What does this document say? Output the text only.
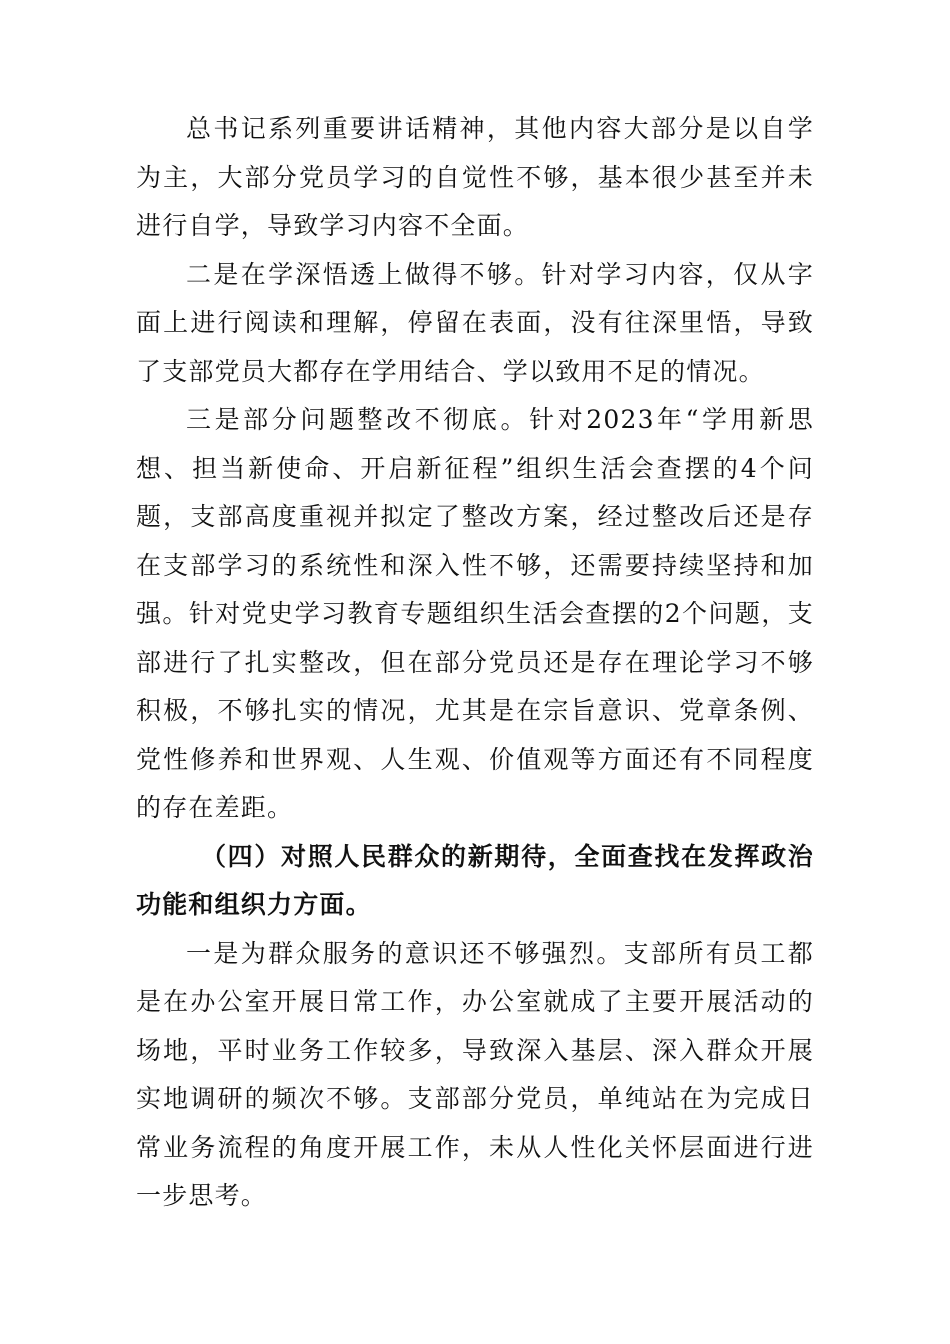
总书记系列重要讲话精神，其他内容大部分是以自学为主，大部分党员学习的自觉性不够，基本很少甚至并未进行自学，导致学习内容不全面。

二是在学深悟透上做得不够。针对学习内容，仅从字面上进行阅读和理解，停留在表面，没有往深里悟，导致了支部党员大都存在学用结合、学以致用不足的情况。

三是部分问题整改不彻底。针对2023年“学用新思想、担当新使命、开启新征程”组织生活会查摆的4个问题，支部高度重视并拟定了整改方案，经过整改后还是存在支部学习的系统性和深入性不够，还需要持续坚持和加强。针对党史学习教育专题组织生活会查摆的2个问题，支部进行了扎实整改，但在部分党员还是存在理论学习不够积极，不够扎实的情况，尤其是在宗旨意识、党章条例、党性修养和世界观、人生观、价值观等方面还有不同程度的存在差距。

（四）对照人民群众的新期待，全面查找在发挥政治功能和组织力方面。

一是为群众服务的意识还不够强烈。支部所有员工都是在办公室开展日常工作，办公室就成了主要开展活动的场地，平时业务工作较多，导致深入基层、深入群众开展实地调研的频次不够。支部部分党员，单纯站在为完成日常业务流程的角度开展工作，未从人性化关怀层面进行进一步思考。
